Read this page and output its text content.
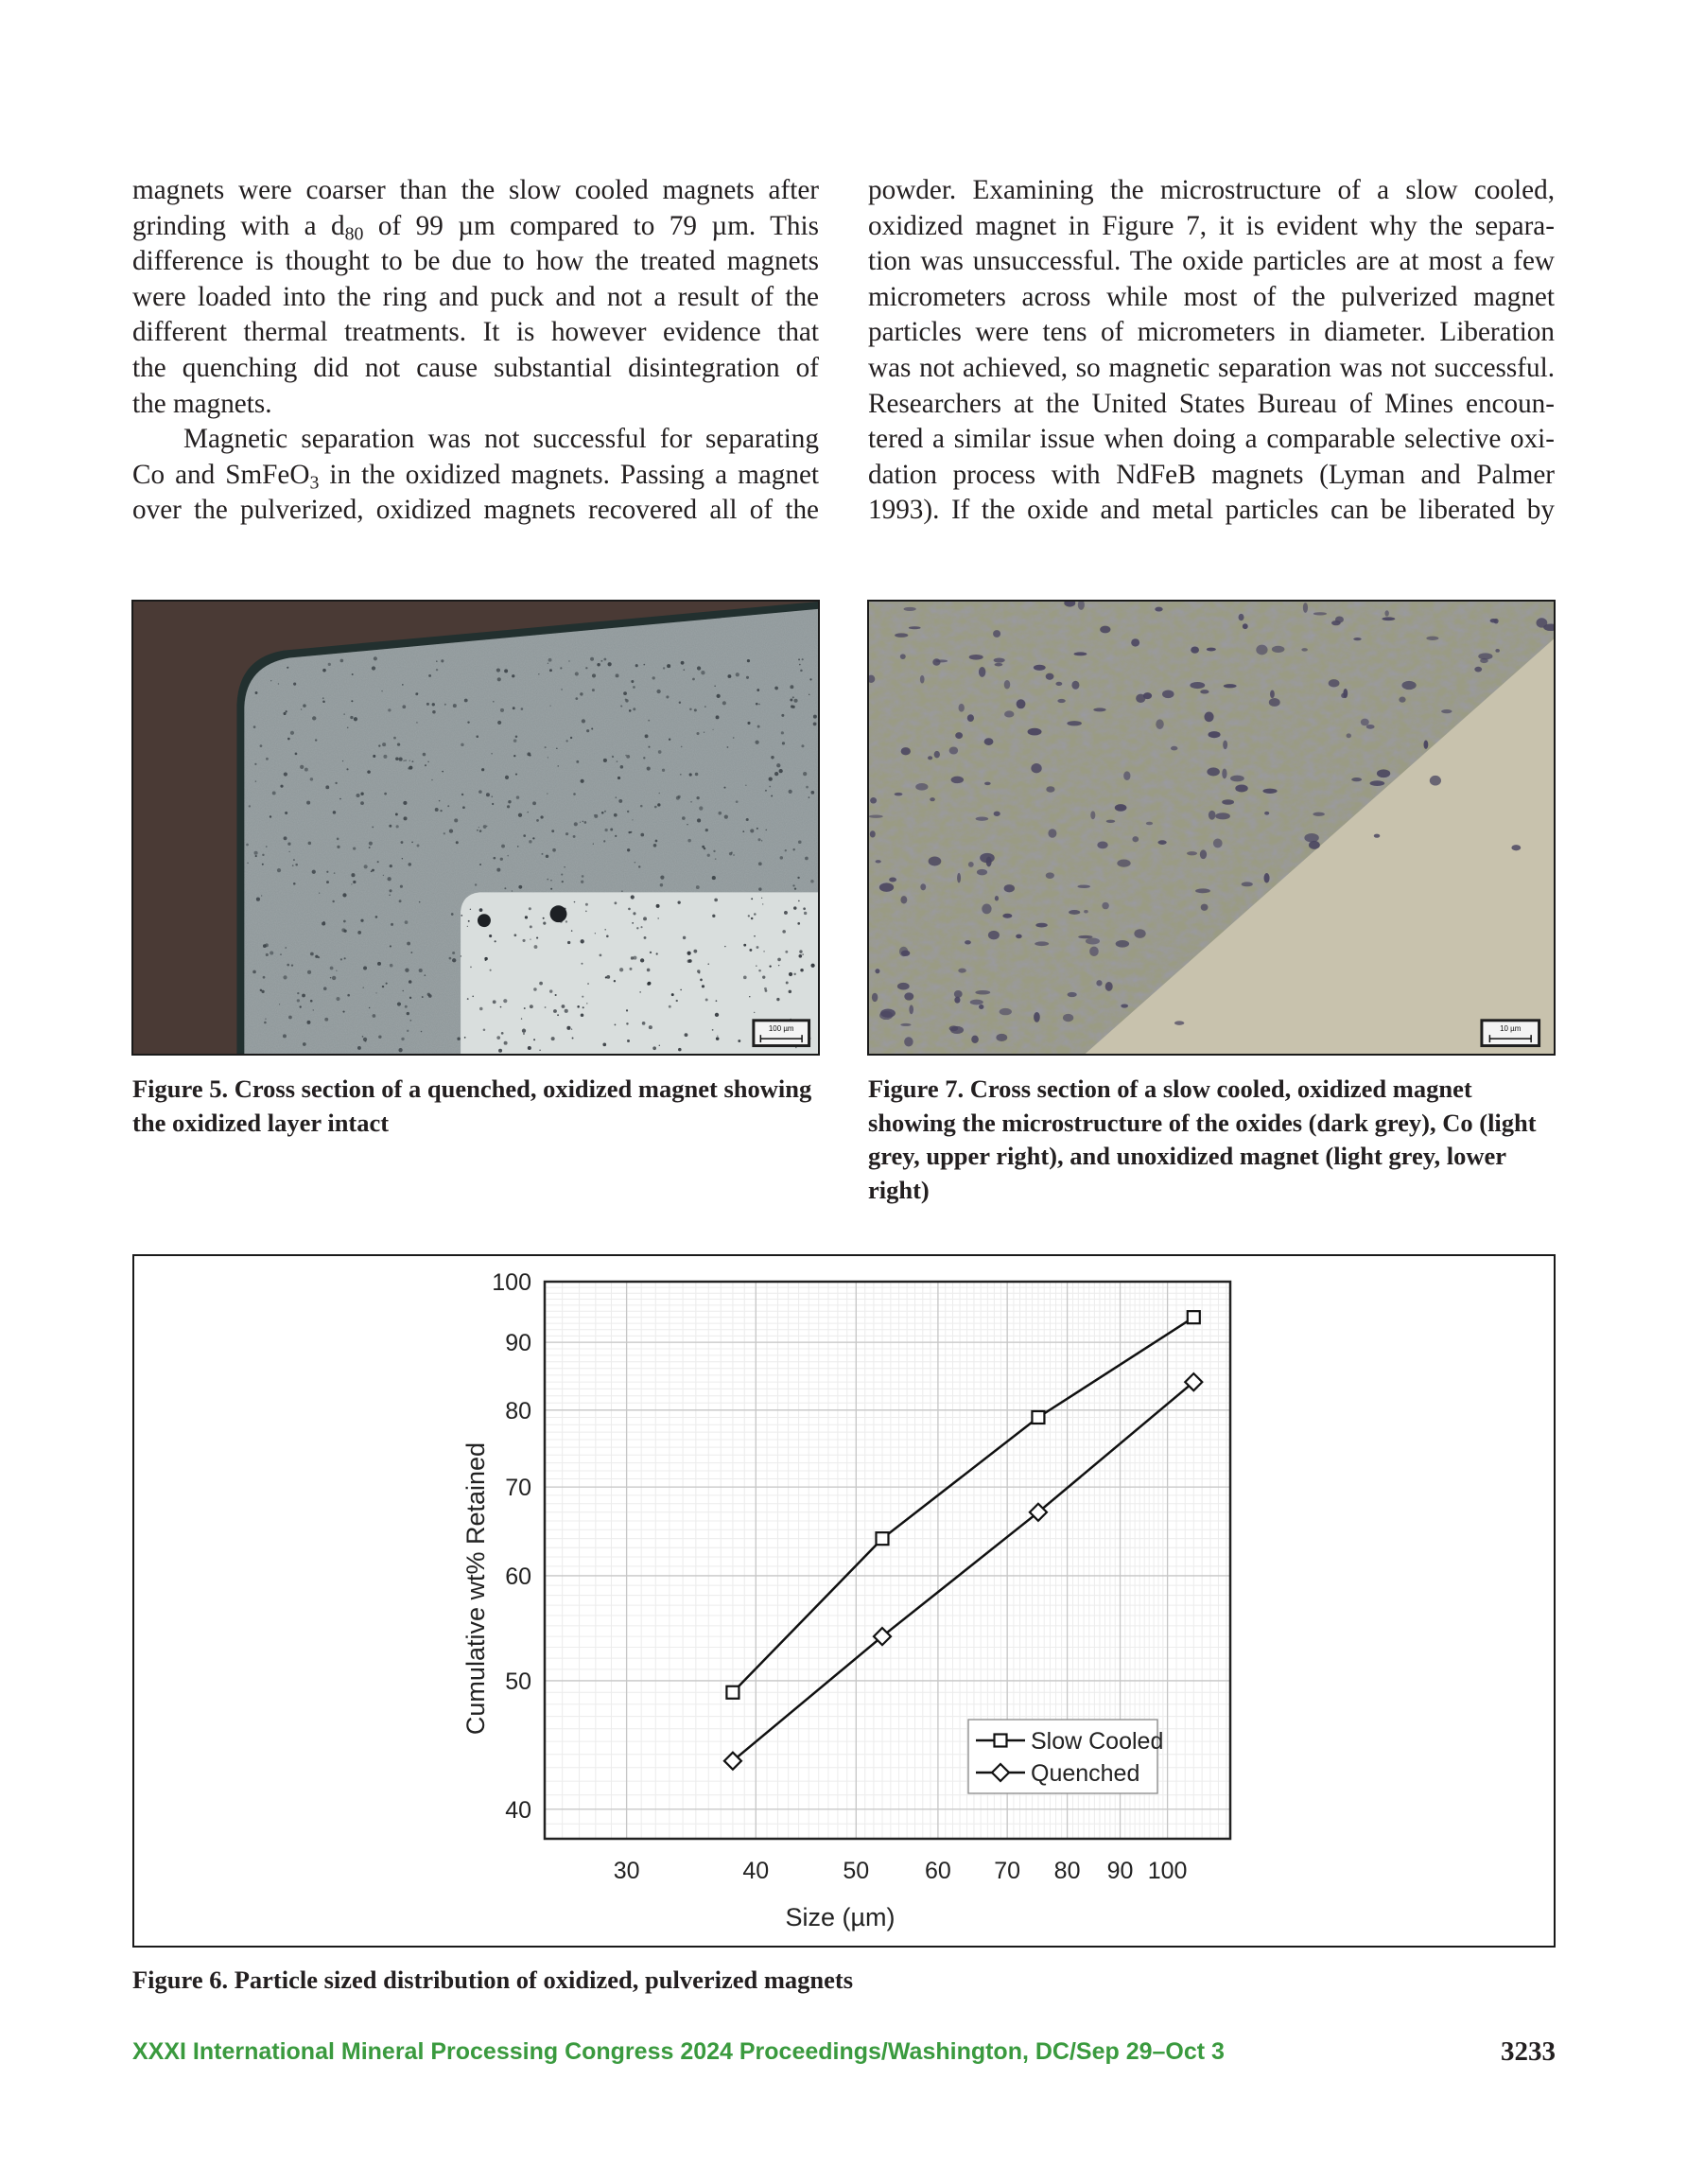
magnets were coarser than the slow cooled magnets after
grinding with a $d_{80}$ of 99 µm compared to 79 µm. This
difference is thought to be due to how the treated magnets
were loaded into the ring and puck and not a result of the
different thermal treatments. It is however evidence that
the quenching did not cause substantial disintegration of
the magnets.

Magnetic separation was not successful for separating
Co and SmFeO$_3$ in the oxidized magnets. Passing a magnet
over the pulverized, oxidized magnets recovered all of the

powder. Examining the microstructure of a slow cooled,
oxidized magnet in Figure 7, it is evident why the separa-
tion was unsuccessful. The oxide particles are at most a few
micrometers across while most of the pulverized magnet
particles were tens of micrometers in diameter. Liberation
was not achieved, so magnetic separation was not successful.
Researchers at the United States Bureau of Mines encoun-
tered a similar issue when doing a comparable selective oxi-
dation process with NdFeB magnets (Lyman and Palmer
1993). If the oxide and metal particles can be liberated by

100 µm	10 µm
Figure 5. Cross section of a quenched, oxidized magnet showing the oxidized layer intact
Figure 7. Cross section of a slow cooled, oxidized magnet showing the microstructure of the oxides (dark grey), Co (light grey, upper right), and unoxidized magnet (light grey, lower right)
30	40	50 60 70 80 90 100
40
50
60
70
80
90
100
Size (µm)
Cumulative wt% Retained
Slow Cooled
Quenched
Figure 6. Particle sized distribution of oxidized, pulverized magnets
XXXI International Mineral Processing Congress 2024 Proceedings/Washington, DC/Sep 29–Oct 3	3233
